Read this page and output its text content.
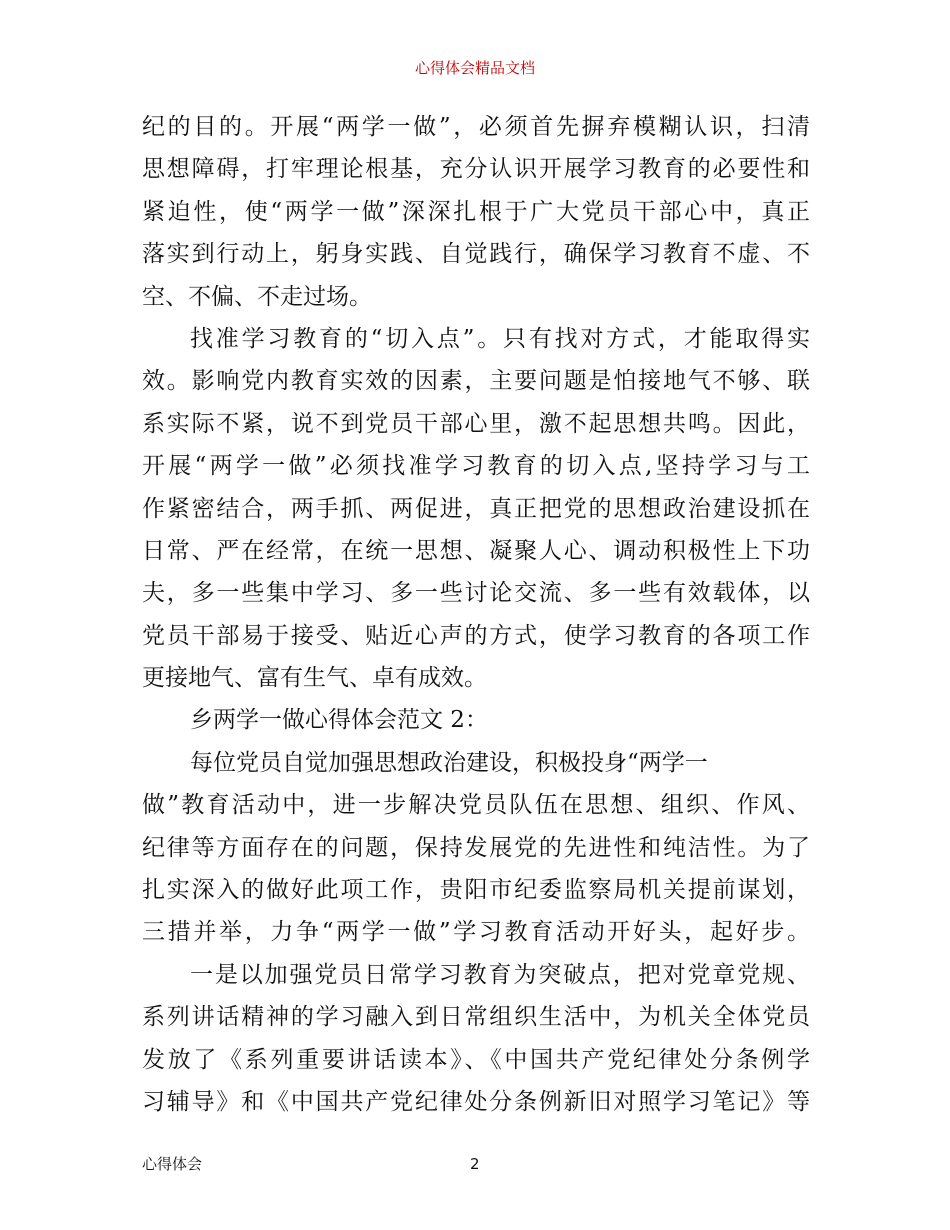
心得体会精品文档
纪的目的。开展“两学一做”，必须首先摒弃模糊认识，扫清
思想障碍，打牢理论根基，充分认识开展学习教育的必要性和
紧迫性，使“两学一做”深深扎根于广大党员干部心中，真正
落实到行动上，躬身实践、自觉践行，确保学习教育不虚、不
空、不偏、不走过场。
找准学习教育的“切入点”。只有找对方式，才能取得实
效。影响党内教育实效的因素，主要问题是怕接地气不够、联
系实际不紧，说不到党员干部心里，激不起思想共鸣。因此，
开展“两学一做”必须找准学习教育的切入点,坚持学习与工
作紧密结合，两手抓、两促进，真正把党的思想政治建设抓在
日常、严在经常，在统一思想、凝聚人心、调动积极性上下功
夫，多一些集中学习、多一些讨论交流、多一些有效载体，以
党员干部易于接受、贴近心声的方式，使学习教育的各项工作
更接地气、富有生气、卓有成效。
乡两学一做心得体会范文 2：
每位党员自觉加强思想政治建设，积极投身“两学一
做”教育活动中，进一步解决党员队伍在思想、组织、作风、
纪律等方面存在的问题，保持发展党的先进性和纯洁性。为了
扎实深入的做好此项工作，贵阳市纪委监察局机关提前谋划，
三措并举，力争“两学一做”学习教育活动开好头，起好步。
一是以加强党员日常学习教育为突破点，把对党章党规、
系列讲话精神的学习融入到日常组织生活中，为机关全体党员
发放了《系列重要讲话读本》、《中国共产党纪律处分条例学
习辅导》和《中国共产党纪律处分条例新旧对照学习笔记》等
心得体会	2
